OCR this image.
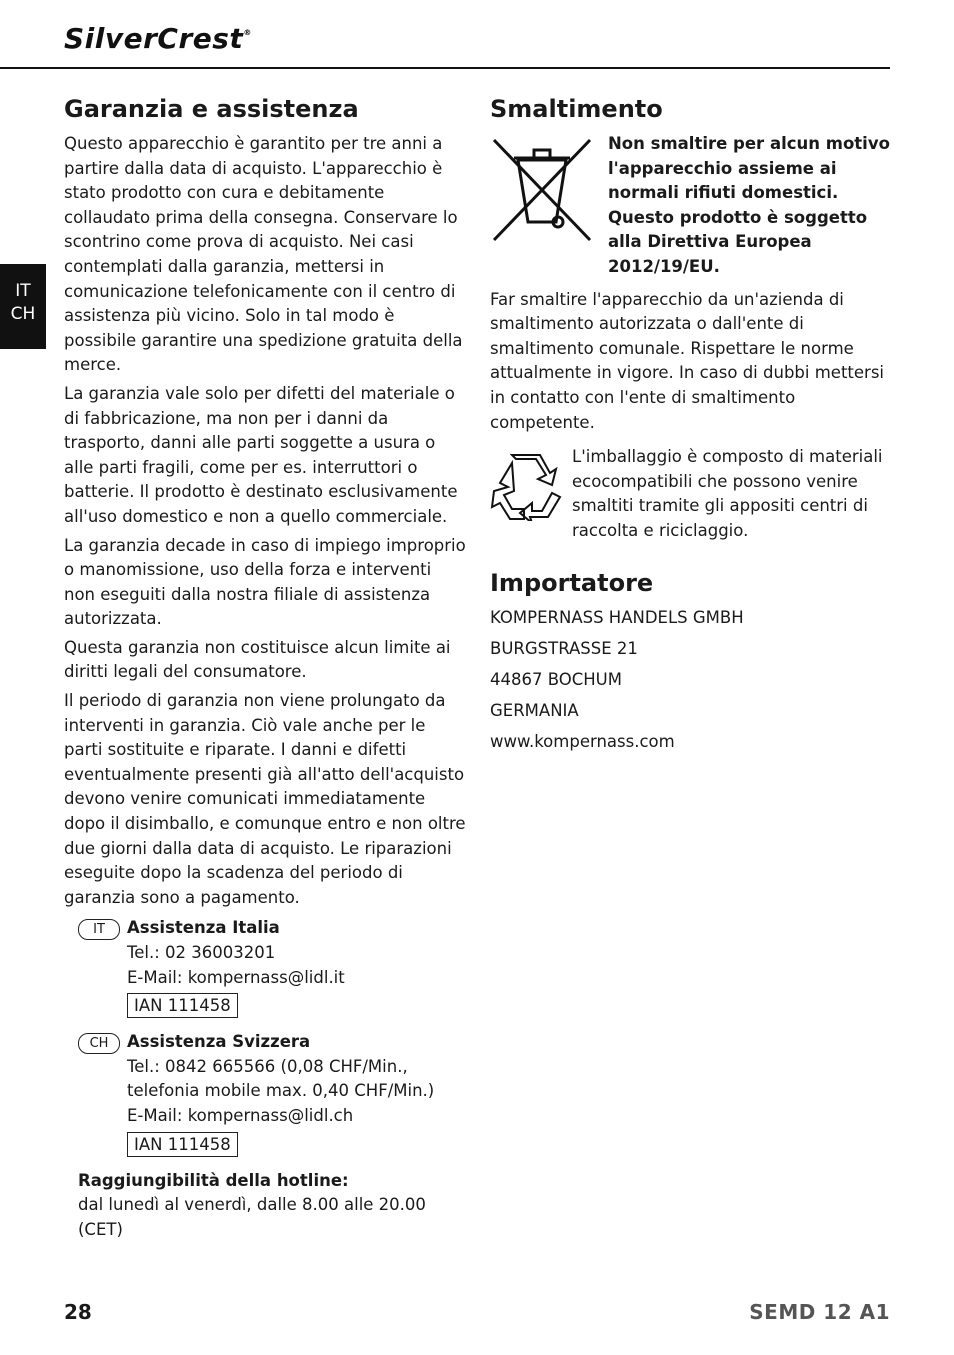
SilverCrest®
IT
CH
Garanzia e assistenza

Questo apparecchio è garantito per tre anni a partire dalla data di acquisto. L'apparecchio è stato prodotto con cura e debitamente collaudato prima della consegna. Conservare lo scontrino come prova di acquisto. Nei casi contemplati dalla garanzia, mettersi in comunicazione telefonicamente con il centro di assistenza più vicino. Solo in tal modo è possibile garantire una spedizione gratuita della merce.

La garanzia vale solo per difetti del materiale o di fabbricazione, ma non per i danni da trasporto, danni alle parti soggette a usura o alle parti fragili, come per es. interruttori o batterie. Il prodotto è destinato esclusivamente all'uso domestico e non a quello commerciale.

La garanzia decade in caso di impiego improprio o manomissione, uso della forza e interventi non eseguiti dalla nostra filiale di assistenza autorizzata.

Questa garanzia non costituisce alcun limite ai diritti legali del consumatore.

Il periodo di garanzia non viene prolungato da interventi in garanzia. Ciò vale anche per le parti sostituite e riparate. I danni e difetti eventualmente presenti già all'atto dell'acquisto devono venire comunicati immediatamente dopo il disimballo, e comunque entro e non oltre due giorni dalla data di acquisto. Le riparazioni eseguite dopo la scadenza del periodo di garanzia sono a pagamento.

IT	Assistenza Italia
Tel.: 02 36003201
E-Mail: kompernass@lidl.it
IAN 111458
CH	Assistenza Svizzera
Tel.: 0842 665566 (0,08 CHF/Min.,
telefonia mobile max. 0,40 CHF/Min.)
E-Mail: kompernass@lidl.ch
IAN 111458
Raggiungibilità della hotline:
dal lunedì al venerdì, dalle 8.00 alle 20.00 (CET)
Smaltimento
Non smaltire per alcun motivo l'apparecchio assieme ai normali rifiuti domestici.
Questo prodotto è soggetto alla Direttiva Europea 2012/19/EU.

Far smaltire l'apparecchio da un'azienda di smaltimento autorizzata o dall'ente di smaltimento comunale. Rispettare le norme attualmente in vigore. In caso di dubbi mettersi in contatto con l'ente di smaltimento competente.

L'imballaggio è composto di materiali ecocompatibili che possono venire smaltiti tramite gli appositi centri di raccolta e riciclaggio.
Importatore

KOMPERNASS HANDELS GMBH

BURGSTRASSE 21

44867 BOCHUM

GERMANIA

www.kompernass.com

28	SEMD 12 A1
